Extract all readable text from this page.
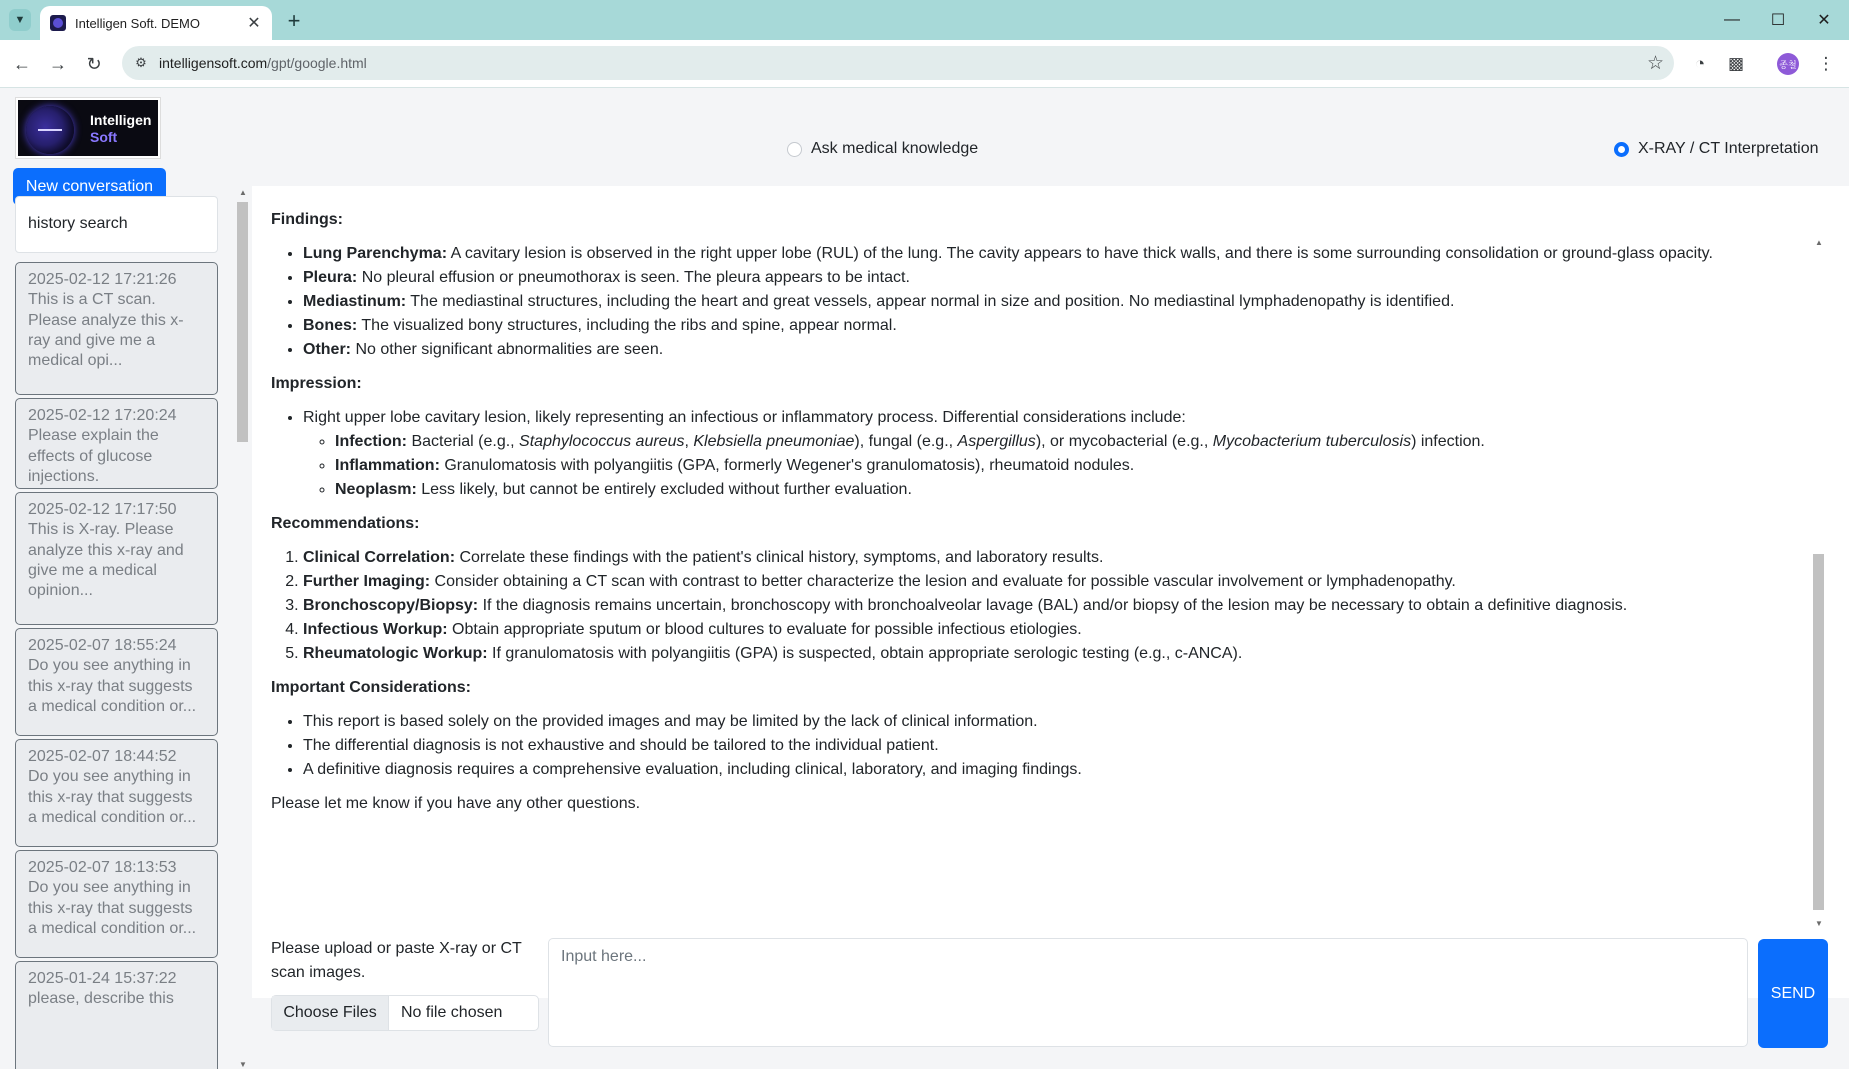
▼	Intelligen Soft. DEMO	✕ +	—	☐	✕
← →	↻	⚙ intelligensoft.com/gpt/google.html	☆	◔	▩	⋮
종철
Intelligen
Soft
New conversation
Ask medical knowledge	X-RAY / CT Interpretation
history search
2025-02-12 17:21:26
This is a CT scan. Please analyze this x-ray and give me a medical opi...
2025-02-12 17:20:24
Please explain the effects of glucose injections.
2025-02-12 17:17:50
This is X-ray. Please analyze this x-ray and give me a medical opinion...
2025-02-07 18:55:24
Do you see anything in this x-ray that suggests a medical condition or...
2025-02-07 18:44:52
Do you see anything in this x-ray that suggests a medical condition or...
2025-02-07 18:13:53
Do you see anything in this x-ray that suggests a medical condition or...
2025-01-24 15:37:22
please, describe this
▲
▼

Findings:

• Lung Parenchyma: A cavitary lesion is observed in the right upper lobe (RUL) of the lung. The cavity appears to have thick walls, and there is some surrounding consolidation or ground-glass opacity.
• Pleura: No pleural effusion or pneumothorax is seen. The pleura appears to be intact.
• Mediastinum: The mediastinal structures, including the heart and great vessels, appear normal in size and position. No mediastinal lymphadenopathy is identified.
• Bones: The visualized bony structures, including the ribs and spine, appear normal.
• Other: No other significant abnormalities are seen.

Impression:

• Right upper lobe cavitary lesion, likely representing an infectious or inflammatory process. Differential considerations include:
◦ Infection: Bacterial (e.g., Staphylococcus aureus, Klebsiella pneumoniae), fungal (e.g., Aspergillus), or mycobacterial (e.g., Mycobacterium tuberculosis) infection.
◦ Inflammation: Granulomatosis with polyangiitis (GPA, formerly Wegener's granulomatosis), rheumatoid nodules.
◦ Neoplasm: Less likely, but cannot be entirely excluded without further evaluation.

Recommendations:

1. Clinical Correlation: Correlate these findings with the patient's clinical history, symptoms, and laboratory results.
2. Further Imaging: Consider obtaining a CT scan with contrast to better characterize the lesion and evaluate for possible vascular involvement or lymphadenopathy.
3. Bronchoscopy/Biopsy: If the diagnosis remains uncertain, bronchoscopy with bronchoalveolar lavage (BAL) and/or biopsy of the lesion may be necessary to obtain a definitive diagnosis.
4. Infectious Workup: Obtain appropriate sputum or blood cultures to evaluate for possible infectious etiologies.
5. Rheumatologic Workup: If granulomatosis with polyangiitis (GPA) is suspected, obtain appropriate serologic testing (e.g., c-ANCA).

Important Considerations:

• This report is based solely on the provided images and may be limited by the lack of clinical information.
• The differential diagnosis is not exhaustive and should be tailored to the individual patient.
• A definitive diagnosis requires a comprehensive evaluation, including clinical, laboratory, and imaging findings.

Please let me know if you have any other questions.

▲
▼
Please upload or paste X-ray or CT scan images.
Choose Files	No file chosen
Input here...
SEND
